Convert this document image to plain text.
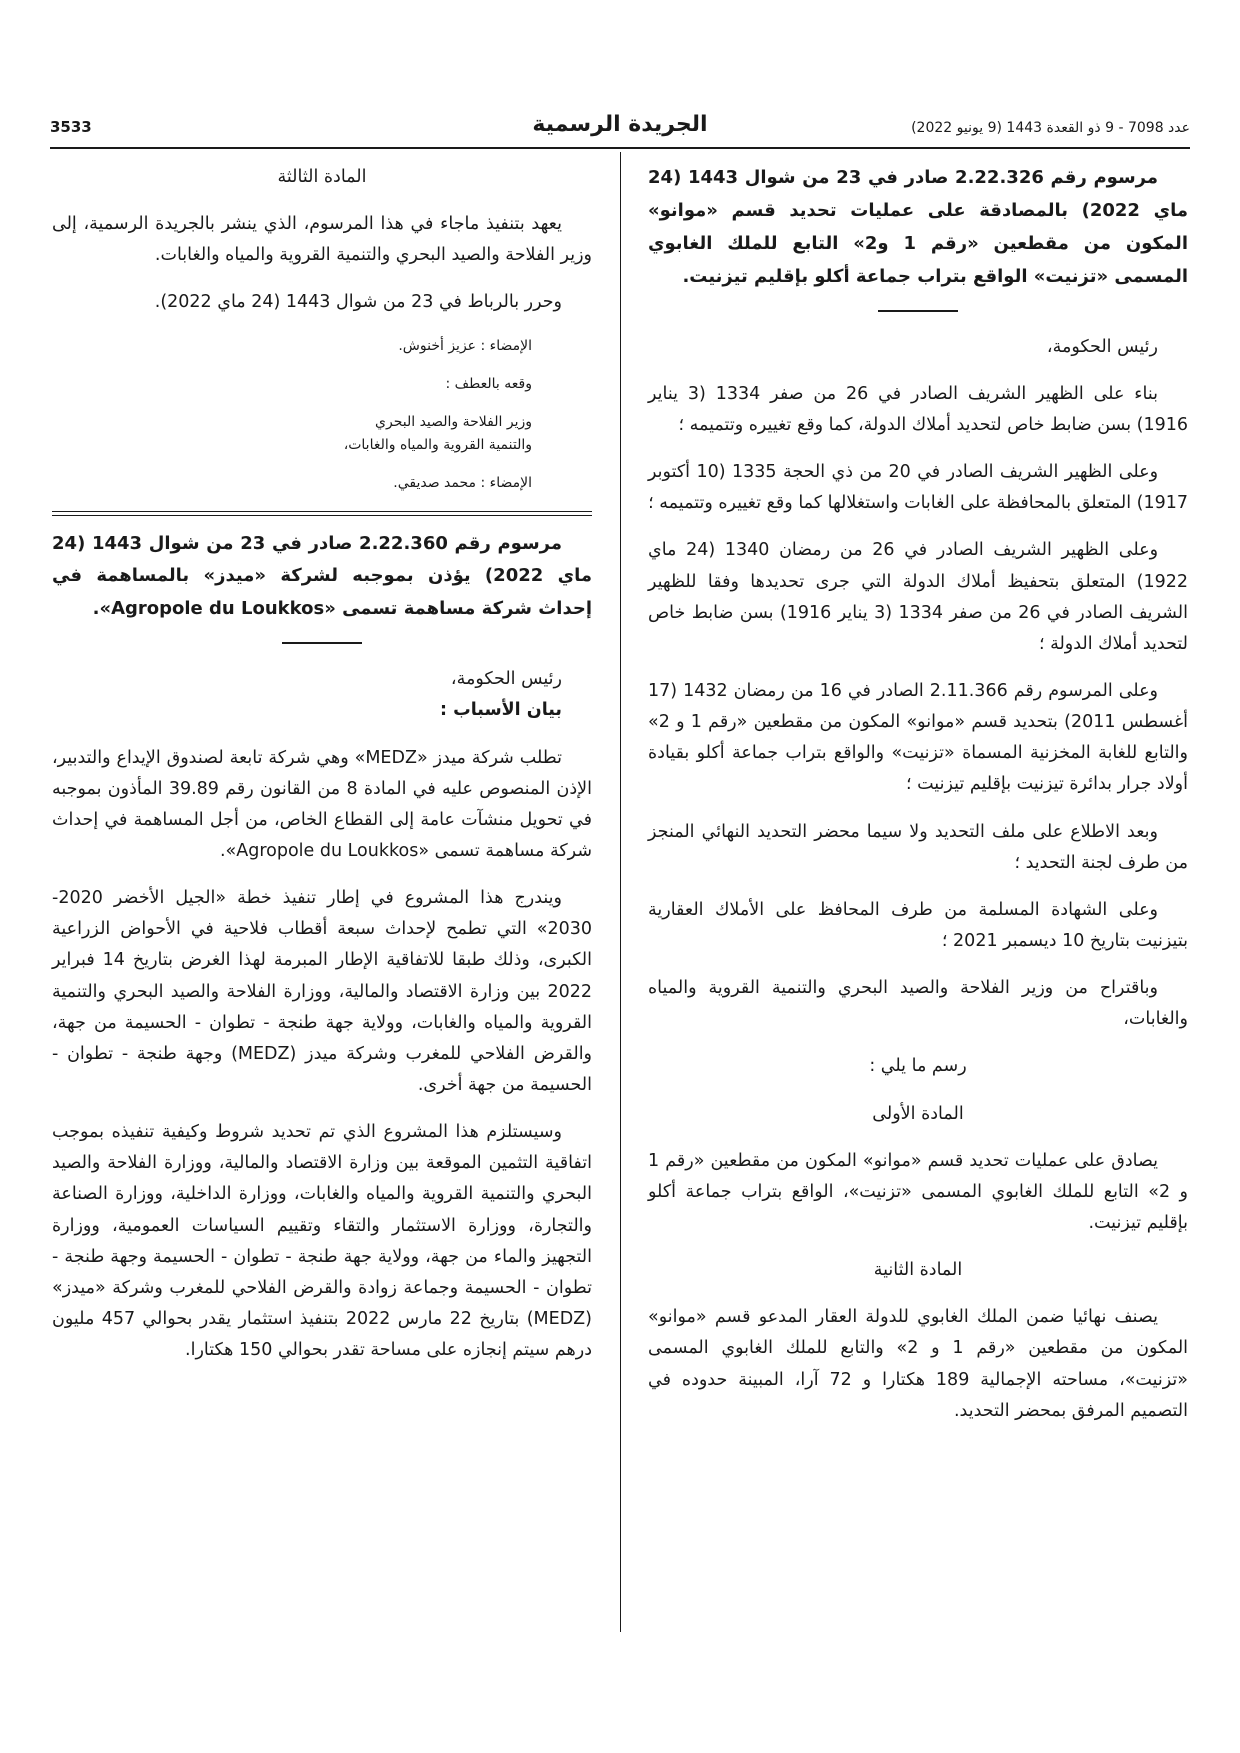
3533	الجريدة الرسمية	عدد 7098 - 9 ذو القعدة 1443 (9 يونيو 2022)

مرسوم رقم 2.22.326 صادر في 23 من شوال 1443 (24 ماي 2022) بالمصادقة على عمليات تحديد قسم «موانو» المكون من مقطعين «رقم 1 و2» التابع للملك الغابوي المسمى «تزنيت» الواقع بتراب جماعة أكلو بإقليم تيزنيت.

رئيس الحكومة،

بناء على الظهير الشريف الصادر في 26 من صفر 1334 (3 يناير 1916) بسن ضابط خاص لتحديد أملاك الدولة، كما وقع تغييره وتتميمه ؛

وعلى الظهير الشريف الصادر في 20 من ذي الحجة 1335 (10 أكتوبر 1917) المتعلق بالمحافظة على الغابات واستغلالها كما وقع تغييره وتتميمه ؛

وعلى الظهير الشريف الصادر في 26 من رمضان 1340 (24 ماي 1922) المتعلق بتحفيظ أملاك الدولة التي جرى تحديدها وفقا للظهير الشريف الصادر في 26 من صفر 1334 (3 يناير 1916) بسن ضابط خاص لتحديد أملاك الدولة ؛

وعلى المرسوم رقم 2.11.366 الصادر في 16 من رمضان 1432 (17 أغسطس 2011) بتحديد قسم «موانو» المكون من مقطعين «رقم 1 و 2» والتابع للغابة المخزنية المسماة «تزنيت» والواقع بتراب جماعة أكلو بقيادة أولاد جرار بدائرة تيزنيت بإقليم تيزنيت ؛

وبعد الاطلاع على ملف التحديد ولا سيما محضر التحديد النهائي المنجز من طرف لجنة التحديد ؛

وعلى الشهادة المسلمة من طرف المحافظ على الأملاك العقارية بتيزنيت بتاريخ 10 ديسمبر 2021 ؛

وباقتراح من وزير الفلاحة والصيد البحري والتنمية القروية والمياه والغابات،

رسم ما يلي :

المادة الأولى

يصادق على عمليات تحديد قسم «موانو» المكون من مقطعين «رقم 1 و 2» التابع للملك الغابوي المسمى «تزنيت»، الواقع بتراب جماعة أكلو بإقليم تيزنيت.

المادة الثانية

يصنف نهائيا ضمن الملك الغابوي للدولة العقار المدعو قسم «موانو» المكون من مقطعين «رقم 1 و 2» والتابع للملك الغابوي المسمى «تزنيت»، مساحته الإجمالية 189 هكتارا و 72 آرا، المبينة حدوده في التصميم المرفق بمحضر التحديد.

المادة الثالثة

يعهد بتنفيذ ماجاء في هذا المرسوم، الذي ينشر بالجريدة الرسمية، إلى وزير الفلاحة والصيد البحري والتنمية القروية والمياه والغابات.

وحرر بالرباط في 23 من شوال 1443 (24 ماي 2022).

الإمضاء : عزيز أخنوش.

وقعه بالعطف :

وزير الفلاحة والصيد البحري

والتنمية القروية والمياه والغابات،

الإمضاء : محمد صديقي.

مرسوم رقم 2.22.360 صادر في 23 من شوال 1443 (24 ماي 2022) يؤذن بموجبه لشركة «ميدز» بالمساهمة في إحداث شركة مساهمة تسمى «Agropole du Loukkos».

رئيس الحكومة،

بيان الأسباب :

تطلب شركة ميدز «MEDZ» وهي شركة تابعة لصندوق الإيداع والتدبير، الإذن المنصوص عليه في المادة 8 من القانون رقم 39.89 المأذون بموجبه في تحويل منشآت عامة إلى القطاع الخاص، من أجل المساهمة في إحداث شركة مساهمة تسمى «Agropole du Loukkos».

ويندرج هذا المشروع في إطار تنفيذ خطة «الجيل الأخضر 2020-2030» التي تطمح لإحداث سبعة أقطاب فلاحية في الأحواض الزراعية الكبرى، وذلك طبقا للاتفاقية الإطار المبرمة لهذا الغرض بتاريخ 14 فبراير 2022 بين وزارة الاقتصاد والمالية، ووزارة الفلاحة والصيد البحري والتنمية القروية والمياه والغابات، وولاية جهة طنجة - تطوان - الحسيمة من جهة، والقرض الفلاحي للمغرب وشركة ميدز (MEDZ) وجهة طنجة - تطوان - الحسيمة من جهة أخرى.

وسيستلزم هذا المشروع الذي تم تحديد شروط وكيفية تنفيذه بموجب اتفاقية التثمين الموقعة بين وزارة الاقتصاد والمالية، ووزارة الفلاحة والصيد البحري والتنمية القروية والمياه والغابات، ووزارة الداخلية، ووزارة الصناعة والتجارة، ووزارة الاستثمار والتقاء وتقييم السياسات العمومية، ووزارة التجهيز والماء من جهة، وولاية جهة طنجة - تطوان - الحسيمة وجهة طنجة - تطوان - الحسيمة وجماعة زوادة والقرض الفلاحي للمغرب وشركة «ميدز» (MEDZ) بتاريخ 22 مارس 2022 بتنفيذ استثمار يقدر بحوالي 457 مليون درهم سيتم إنجازه على مساحة تقدر بحوالي 150 هكتارا.
